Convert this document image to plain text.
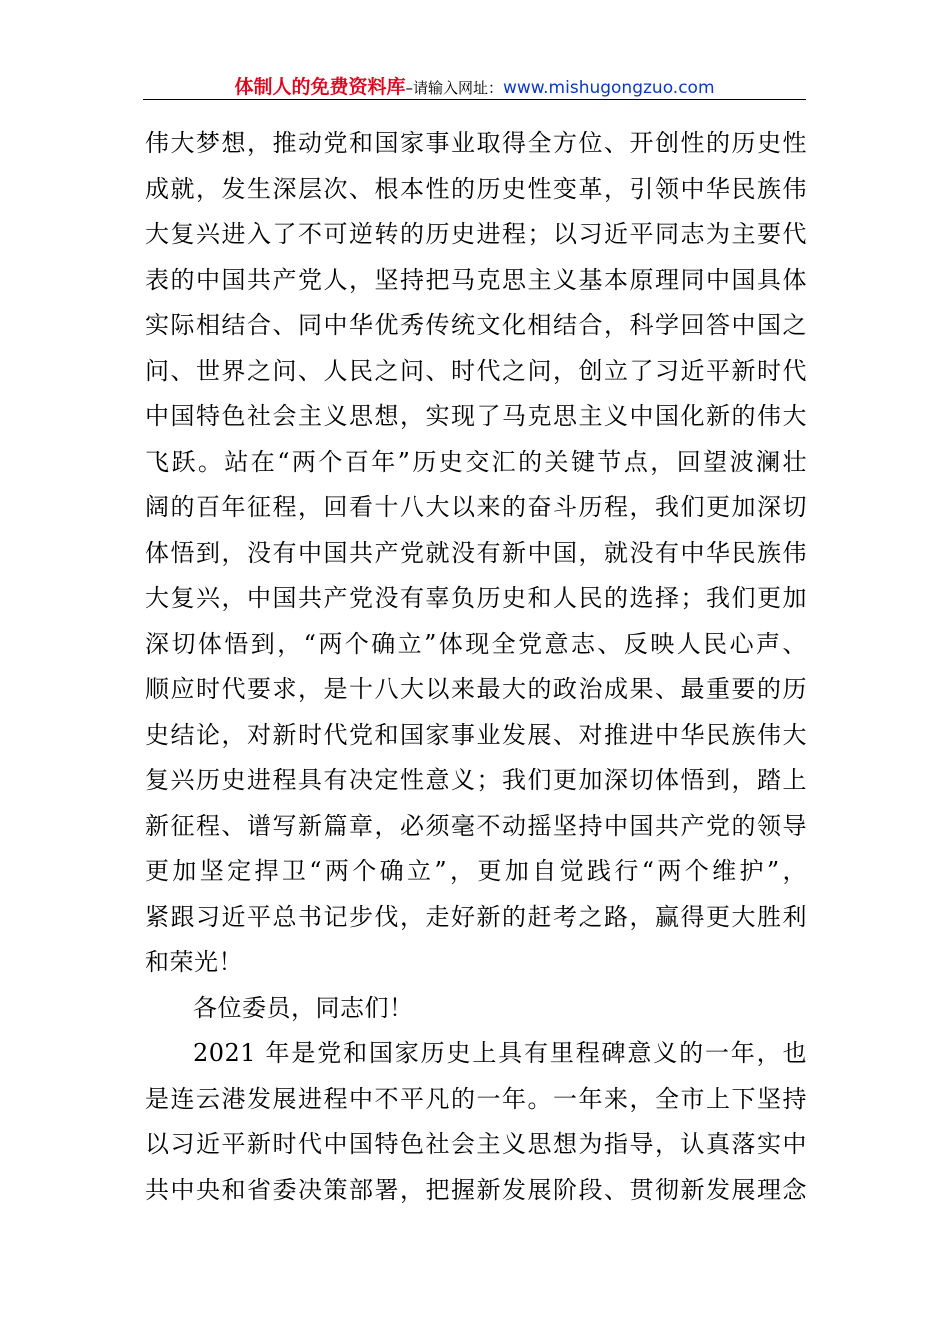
体制人的免费资料库–请输入网址：www.mishugongzuo.com
伟大梦想，推动党和国家事业取得全方位、开创性的历史性
成就，发生深层次、根本性的历史性变革，引领中华民族伟
大复兴进入了不可逆转的历史进程；以习近平同志为主要代
表的中国共产党人，坚持把马克思主义基本原理同中国具体
实际相结合、同中华优秀传统文化相结合，科学回答中国之
问、世界之问、人民之问、时代之问，创立了习近平新时代
中国特色社会主义思想，实现了马克思主义中国化新的伟大
飞跃。站在“两个百年”历史交汇的关键节点，回望波澜壮
阔的百年征程，回看十八大以来的奋斗历程，我们更加深切
体悟到，没有中国共产党就没有新中国，就没有中华民族伟
大复兴，中国共产党没有辜负历史和人民的选择；我们更加
深切体悟到，“两个确立”体现全党意志、反映人民心声、
顺应时代要求，是十八大以来最大的政治成果、最重要的历
史结论，对新时代党和国家事业发展、对推进中华民族伟大
复兴历史进程具有决定性意义；我们更加深切体悟到，踏上
新征程、谱写新篇章，必须毫不动摇坚持中国共产党的领导
更加坚定捍卫“两个确立”，更加自觉践行“两个维护”，
紧跟习近平总书记步伐，走好新的赶考之路，赢得更大胜利
和荣光！
各位委员，同志们！
2021 年是党和国家历史上具有里程碑意义的一年，也
是连云港发展进程中不平凡的一年。一年来，全市上下坚持
以习近平新时代中国特色社会主义思想为指导，认真落实中
共中央和省委决策部署，把握新发展阶段、贯彻新发展理念
